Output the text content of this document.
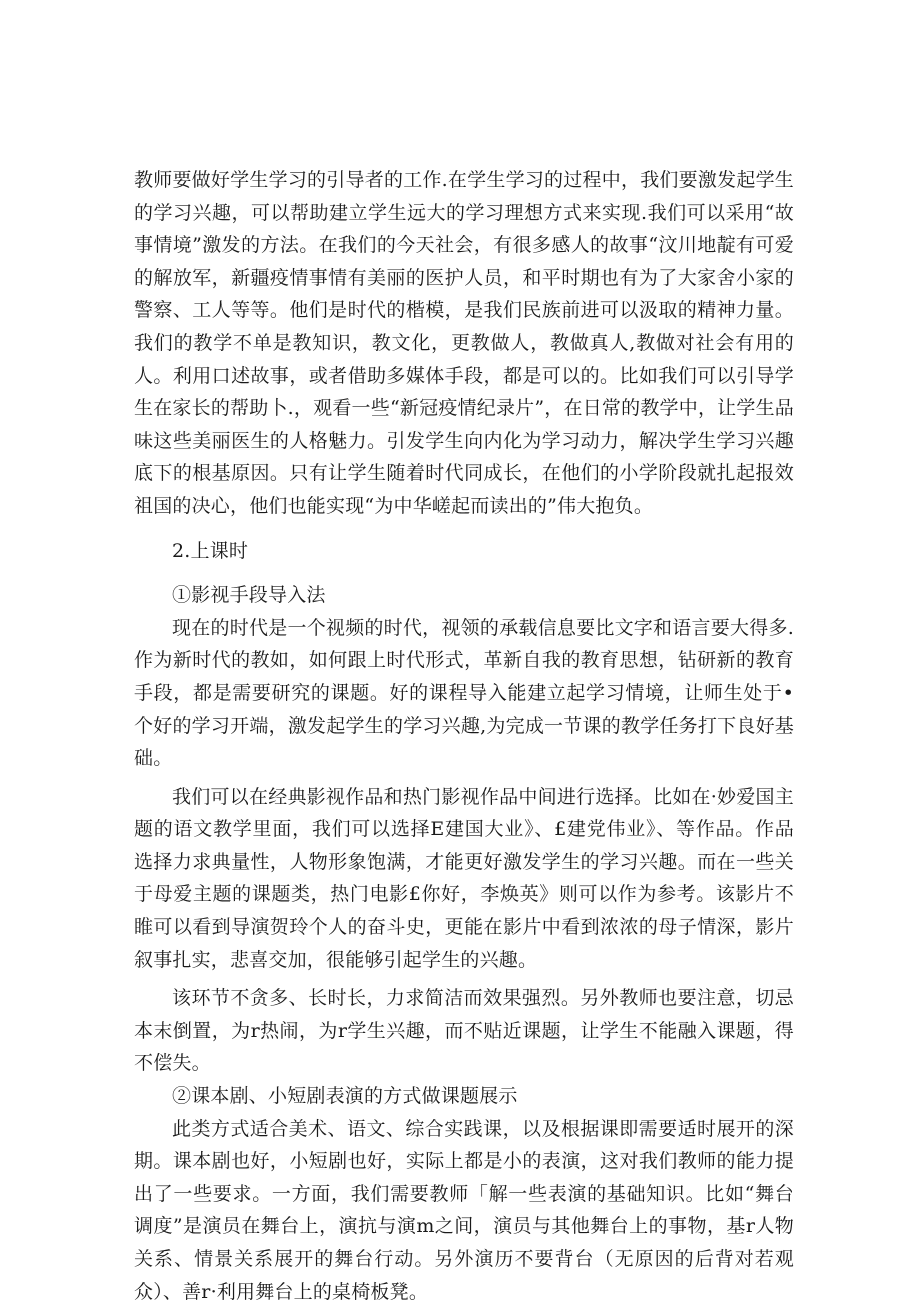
教师要做好学生学习的引导者的工作.在学生学习的过程中，我们要激发起学生的学习兴趣，可以帮助建立学生远大的学习理想方式来实现.我们可以采用“故事情境”激发的方法。在我们的今天社会，有很多感人的故事“汶川地靛有可爱的解放军，新疆疫情事情有美丽的医护人员，和平时期也有为了大家舍小家的警察、工人等等。他们是时代的楷模，是我们民族前进可以汲取的精神力量。我们的教学不单是教知识，教文化，更教做人，教做真人,教做对社会有用的人。利用口述故事，或者借助多媒体手段，都是可以的。比如我们可以引导学生在家长的帮助卜.，观看一些“新冠疫情纪录片”，在日常的教学中，让学生品味这些美丽医生的人格魅力。引发学生向内化为学习动力，解决学生学习兴趣底下的根基原因。只有让学生随着时代同成长，在他们的小学阶段就扎起报效祖国的决心，他们也能实现“为中华嵯起而读出的”伟大抱负。

2.上课时

①影视手段导入法

现在的时代是一个视频的时代，视领的承载信息要比文字和语言要大得多.作为新时代的教如，如何跟上时代形式，革新自我的教育思想，钻研新的教育手段，都是需要研究的课题。好的课程导入能建立起学习情境，让师生处于•个好的学习开端，激发起学生的学习兴趣,为完成一节课的教学任务打下良好基础。

我们可以在经典影视作品和热门影视作品中间进行选择。比如在·妙爱国主题的语文教学里面，我们可以选择E建国大业》、£建党伟业》、等作品。作品选择力求典量性，人物形象饱满，才能更好激发学生的学习兴趣。而在一些关于母爱主题的课题类，热门电影£你好，李焕英》则可以作为参考。该影片不睢可以看到导演贺玲个人的奋斗史，更能在影片中看到浓浓的母子情深，影片叙事扎实，悲喜交加，很能够引起学生的兴趣。

该环节不贪多、长时长，力求简洁而效果强烈。另外教师也要注意，切忌本末倒置，为r热闹，为r学生兴趣，而不贴近课题，让学生不能融入课题，得不偿失。

②课本剧、小短剧表演的方式做课题展示

此类方式适合美术、语文、综合实践课，以及根据课即需要适时展开的深期。课本剧也好，小短剧也好，实际上都是小的表演，这对我们教师的能力提出了一些要求。一方面，我们需要教师「解一些表演的基础知识。比如“舞台调度”是演员在舞台上，演抗与演m之间，演员与其他舞台上的事物，基r人物关系、情景关系展开的舞台行动。另外演历不要背台（无原因的后背对若观众）、善r·利用舞台上的桌椅板凳。
